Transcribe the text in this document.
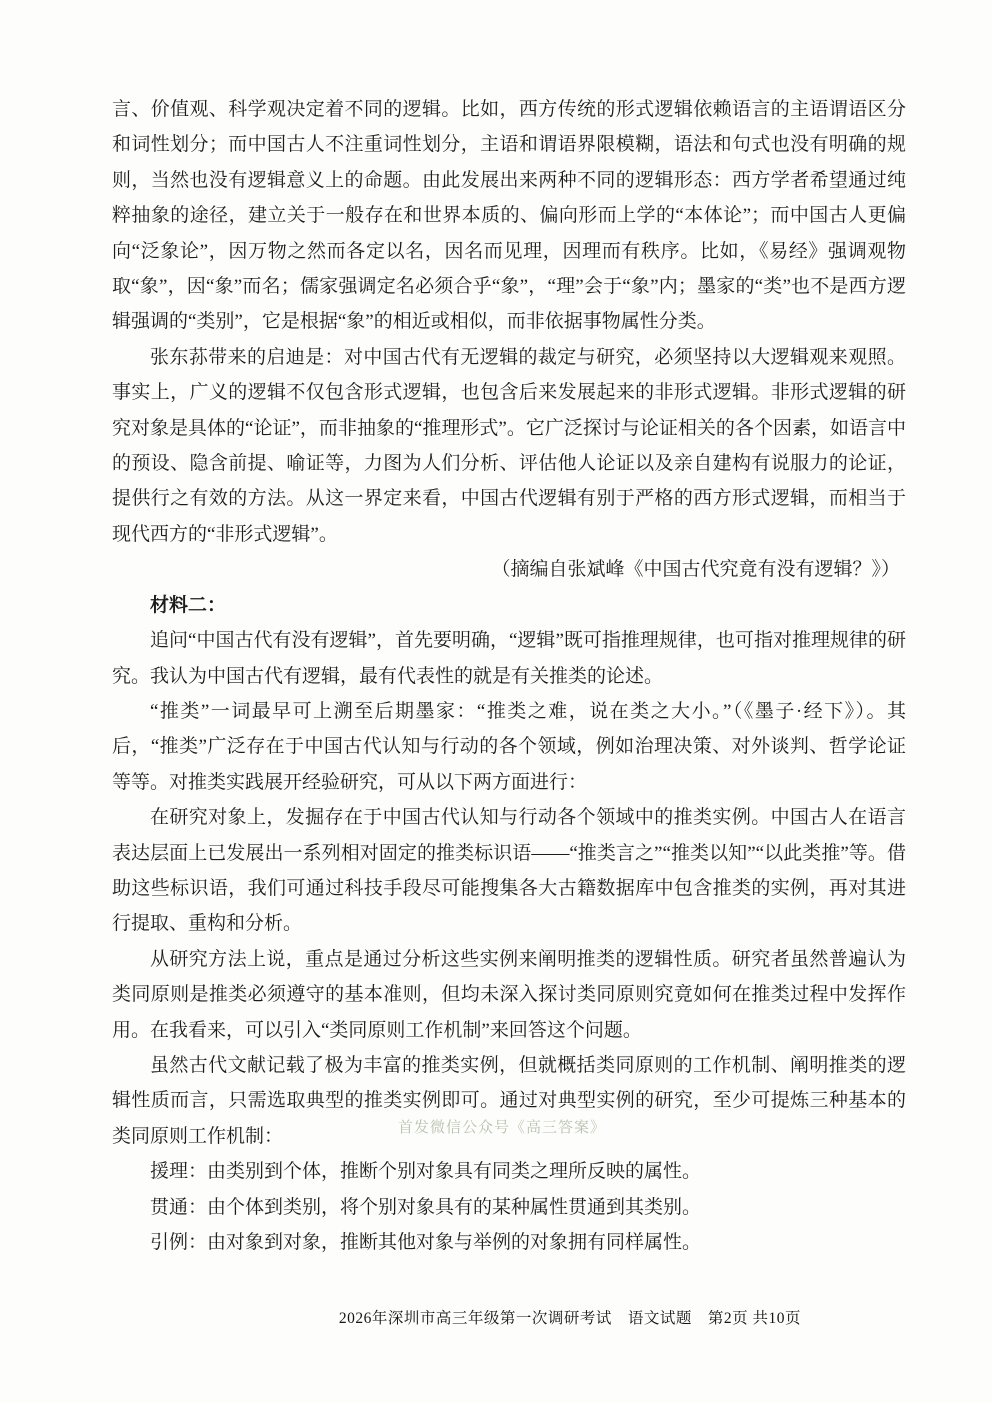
言、价值观、科学观决定着不同的逻辑。比如，西方传统的形式逻辑依赖语言的主语谓语区分和词性划分；而中国古人不注重词性划分，主语和谓语界限模糊，语法和句式也没有明确的规则，当然也没有逻辑意义上的命题。由此发展出来两种不同的逻辑形态：西方学者希望通过纯粹抽象的途径，建立关于一般存在和世界本质的、偏向形而上学的“本体论”；而中国古人更偏向“泛象论”，因万物之然而各定以名，因名而见理，因理而有秩序。比如，《易经》强调观物取“象”，因“象”而名；儒家强调定名必须合乎“象”，“理”会于“象”内；墨家的“类”也不是西方逻辑强调的“类别”，它是根据“象”的相近或相似，而非依据事物属性分类。

张东荪带来的启迪是：对中国古代有无逻辑的裁定与研究，必须坚持以大逻辑观来观照。事实上，广义的逻辑不仅包含形式逻辑，也包含后来发展起来的非形式逻辑。非形式逻辑的研究对象是具体的“论证”，而非抽象的“推理形式”。它广泛探讨与论证相关的各个因素，如语言中的预设、隐含前提、喻证等，力图为人们分析、评估他人论证以及亲自建构有说服力的论证，提供行之有效的方法。从这一界定来看，中国古代逻辑有别于严格的西方形式逻辑，而相当于现代西方的“非形式逻辑”。

（摘编自张斌峰《中国古代究竟有没有逻辑？》）

材料二：

追问“中国古代有没有逻辑”，首先要明确，“逻辑”既可指推理规律，也可指对推理规律的研究。我认为中国古代有逻辑，最有代表性的就是有关推类的论述。

“推类”一词最早可上溯至后期墨家：“推类之难，说在类之大小。”（《墨子·经下》）。其后，“推类”广泛存在于中国古代认知与行动的各个领域，例如治理决策、对外谈判、哲学论证等等。对推类实践展开经验研究，可从以下两方面进行：

在研究对象上，发掘存在于中国古代认知与行动各个领域中的推类实例。中国古人在语言表达层面上已发展出一系列相对固定的推类标识语——“推类言之”“推类以知”“以此类推”等。借助这些标识语，我们可通过科技手段尽可能搜集各大古籍数据库中包含推类的实例，再对其进行提取、重构和分析。

从研究方法上说，重点是通过分析这些实例来阐明推类的逻辑性质。研究者虽然普遍认为类同原则是推类必须遵守的基本准则，但均未深入探讨类同原则究竟如何在推类过程中发挥作用。在我看来，可以引入“类同原则工作机制”来回答这个问题。

虽然古代文献记载了极为丰富的推类实例，但就概括类同原则的工作机制、阐明推类的逻辑性质而言，只需选取典型的推类实例即可。通过对典型实例的研究，至少可提炼三种基本的类同原则工作机制：

援理：由类别到个体，推断个别对象具有同类之理所反映的属性。

贯通：由个体到类别，将个别对象具有的某种属性贯通到其类别。

引例：由对象到对象，推断其他对象与举例的对象拥有同样属性。

首发微信公众号《高三答案》
2026年深圳市高三年级第一次调研考试　语文试题　第2页 共10页
